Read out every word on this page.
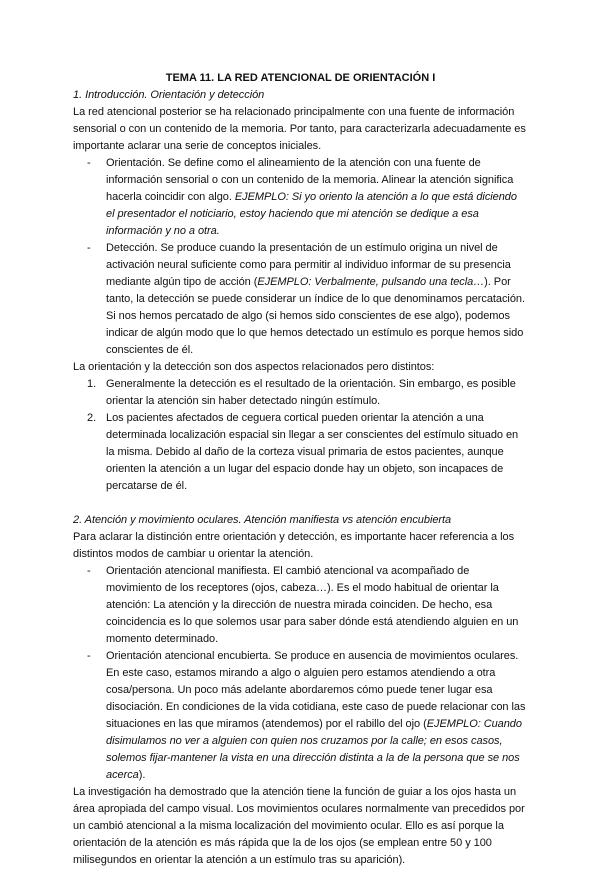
TEMA 11. LA RED ATENCIONAL DE ORIENTACIÓN I

1. Introducción. Orientación y detección

La red atencional posterior se ha relacionado principalmente con una fuente de información sensorial o con un contenido de la memoria. Por tanto, para caracterizarla adecuadamente es importante aclarar una serie de conceptos iniciales.

- Orientación. Se define como el alineamiento de la atención con una fuente de información sensorial o con un contenido de la memoria. Alinear la atención significa hacerla coincidir con algo. EJEMPLO: Si yo oriento la atención a lo que está diciendo el presentador el noticiario, estoy haciendo que mi atención se dedique a esa información y no a otra.
- Detección. Se produce cuando la presentación de un estímulo origina un nivel de activación neural suficiente como para permitir al individuo informar de su presencia mediante algún tipo de acción (EJEMPLO: Verbalmente, pulsando una tecla…). Por tanto, la detección se puede considerar un índice de lo que denominamos percatación. Si nos hemos percatado de algo (si hemos sido conscientes de ese algo), podemos indicar de algún modo que lo que hemos detectado un estímulo es porque hemos sido conscientes de él.

La orientación y la detección son dos aspectos relacionados pero distintos:

1. Generalmente la detección es el resultado de la orientación. Sin embargo, es posible orientar la atención sin haber detectado ningún estímulo.
2. Los pacientes afectados de ceguera cortical pueden orientar la atención a una determinada localización espacial sin llegar a ser conscientes del estímulo situado en la misma. Debido al daño de la corteza visual primaria de estos pacientes, aunque orienten la atención a un lugar del espacio donde hay un objeto, son incapaces de percatarse de él.

2. Atención y movimiento oculares. Atención manifiesta vs atención encubierta

Para aclarar la distinción entre orientación y detección, es importante hacer referencia a los distintos modos de cambiar u orientar la atención.

- Orientación atencional manifiesta. El cambió atencional va acompañado de movimiento de los receptores (ojos, cabeza…). Es el modo habitual de orientar la atención: La atención y la dirección de nuestra mirada coinciden. De hecho, esa coincidencia es lo que solemos usar para saber dónde está atendiendo alguien en un momento determinado.
- Orientación atencional encubierta. Se produce en ausencia de movimientos oculares. En este caso, estamos mirando a algo o alguien pero estamos atendiendo a otra cosa/persona. Un poco más adelante abordaremos cómo puede tener lugar esa disociación. En condiciones de la vida cotidiana, este caso de puede relacionar con las situaciones en las que miramos (atendemos) por el rabillo del ojo (EJEMPLO: Cuando disimulamos no ver a alguien con quien nos cruzamos por la calle; en esos casos, solemos fijar-mantener la vista en una dirección distinta a la de la persona que se nos acerca).

La investigación ha demostrado que la atención tiene la función de guiar a los ojos hasta un área apropiada del campo visual. Los movimientos oculares normalmente van precedidos por un cambió atencional a la misma localización del movimiento ocular. Ello es así porque la orientación de la atención es más rápida que la de los ojos (se emplean entre 50 y 100 milisegundos en orientar la atención a un estímulo tras su aparición).
